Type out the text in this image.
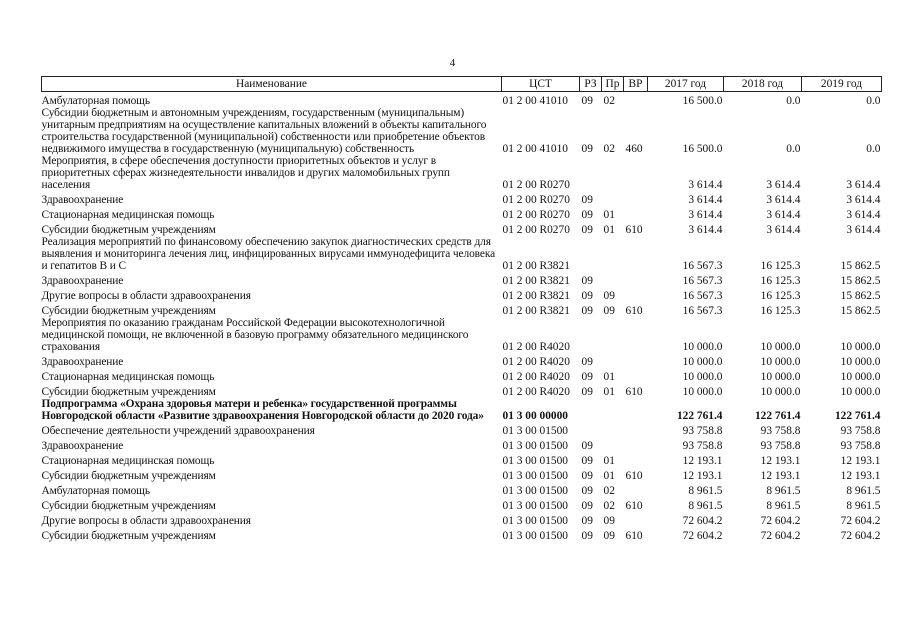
4
Наименование	ЦСТ	РЗ	Пр	ВР	2017 год	2018 год	2019 год
Амбулаторная помощь	01 2 00 41010	09	02		16 500.0	0.0	0.0
Субсидии бюджетным и автономным учреждениям, государственным (муниципальным) унитарным предприятиям на осуществление капитальных вложений в объекты капитального строительства государственной (муниципальной) собственности или приобретение объектов недвижимого имущества в государственную (муниципальную) собственность	01 2 00 41010	09	02	460	16 500.0	0.0	0.0
Мероприятия, в сфере обеспечения доступности приоритетных объектов и услуг в приоритетных сферах жизнедеятельности инвалидов и других маломобильных групп населения	01 2 00 R0270				3 614.4	3 614.4	3 614.4
Здравоохранение	01 2 00 R0270	09			3 614.4	3 614.4	3 614.4
Стационарная медицинская помощь	01 2 00 R0270	09	01		3 614.4	3 614.4	3 614.4
Субсидии бюджетным учреждениям	01 2 00 R0270	09	01	610	3 614.4	3 614.4	3 614.4
Реализация мероприятий по финансовому обеспечению закупок диагностических средств для выявления и мониторинга лечения лиц, инфицированных вирусами иммунодефицита человека и гепатитов В и С	01 2 00 R3821				16 567.3	16 125.3	15 862.5
Здравоохранение	01 2 00 R3821	09			16 567.3	16 125.3	15 862.5
Другие вопросы в области здравоохранения	01 2 00 R3821	09	09		16 567.3	16 125.3	15 862.5
Субсидии бюджетным учреждениям	01 2 00 R3821	09	09	610	16 567.3	16 125.3	15 862.5
Мероприятия по оказанию гражданам Российской Федерации высокотехнологичной медицинской помощи, не включенной в базовую программу обязательного медицинского страхования	01 2 00 R4020				10 000.0	10 000.0	10 000.0
Здравоохранение	01 2 00 R4020	09			10 000.0	10 000.0	10 000.0
Стационарная медицинская помощь	01 2 00 R4020	09	01		10 000.0	10 000.0	10 000.0
Субсидии бюджетным учреждениям	01 2 00 R4020	09	01	610	10 000.0	10 000.0	10 000.0
Подпрограмма «Охрана здоровья матери и ребенка» государственной программы Новгородской области «Развитие здравоохранения Новгородской области до 2020 года»	01 3 00 00000				122 761.4	122 761.4	122 761.4
Обеспечение деятельности учреждений здравоохранения	01 3 00 01500				93 758.8	93 758.8	93 758.8
Здравоохранение	01 3 00 01500	09			93 758.8	93 758.8	93 758.8
Стационарная медицинская помощь	01 3 00 01500	09	01		12 193.1	12 193.1	12 193.1
Субсидии бюджетным учреждениям	01 3 00 01500	09	01	610	12 193.1	12 193.1	12 193.1
Амбулаторная помощь	01 3 00 01500	09	02		8 961.5	8 961.5	8 961.5
Субсидии бюджетным учреждениям	01 3 00 01500	09	02	610	8 961.5	8 961.5	8 961.5
Другие вопросы в области здравоохранения	01 3 00 01500	09	09		72 604.2	72 604.2	72 604.2
Субсидии бюджетным учреждениям	01 3 00 01500	09	09	610	72 604.2	72 604.2	72 604.2
